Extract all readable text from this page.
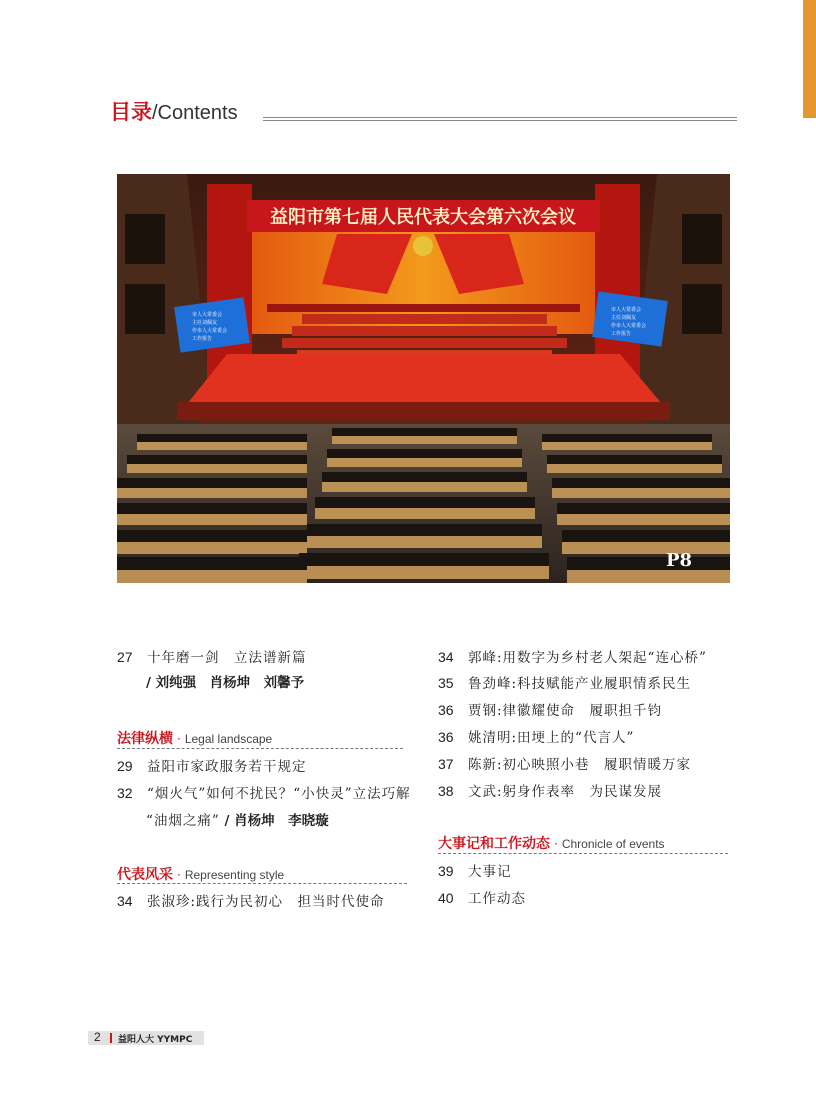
目录 /Contents
益阳市第七届人民代表大会第六次会议
市人大常委会
主任刘佩友
作市人大常委会
工作报告
市人大常委会
主任刘佩友
作市人大常委会
工作报告
P8
27 十年磨一剑　立法谱新篇
/ 刘纯强　肖杨坤　刘馨予
法律纵横 · Legal landscape
29 益阳市家政服务若干规定
32 “烟火气”如何不扰民？“小快灵”立法巧解
“油烟之痛” / 肖杨坤　李晓璇
代表风采 · Representing style
34 张淑珍:践行为民初心　担当时代使命
34 郭峰:用数字为乡村老人架起“连心桥”
35 鲁劲峰:科技赋能产业履职情系民生
36 贾钢:律徽耀使命　履职担千钧
36 姚清明:田埂上的“代言人”
37 陈新:初心映照小巷　履职情暖万家
38 文武:躬身作表率　为民谋发展
大事记和工作动态 · Chronicle of events
39 大事记
40 工作动态
2 益阳人大 YYMPC
